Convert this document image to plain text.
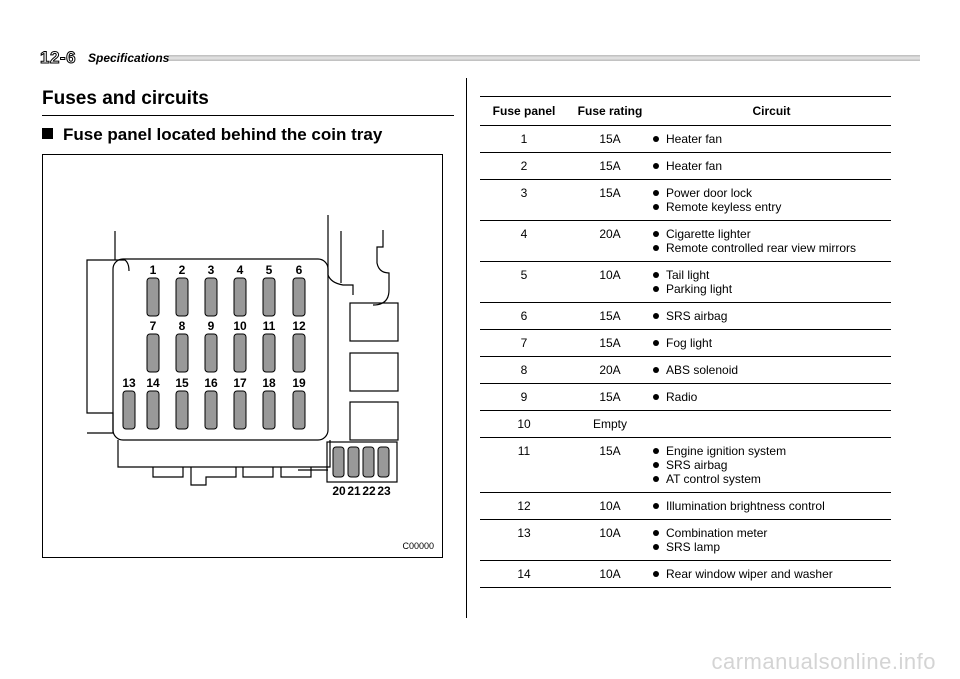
12-6 Specifications
Fuses and circuits
Fuse panel located behind the coin tray
1 2 3 4 5 6
7 8 9 10 11 12
13 14 15 16 17 18 19
20 21 22 23
C00000
Fuse panel	Fuse rating	Circuit
1	15A	Heater fan

2	15A	Heater fan

3	15A	Power door lock
Remote keyless entry

4	20A	Cigarette lighter
Remote controlled rear view mirrors

5	10A	Tail light
Parking light

6	15A	SRS airbag

7	15A	Fog light

8	20A	ABS solenoid

9	15A	Radio

10	Empty	
11	15A	Engine ignition system
SRS airbag
AT control system

12	10A	Illumination brightness control

13	10A	Combination meter
SRS lamp

14	10A	Rear window wiper and washer
carmanualsonline.info
